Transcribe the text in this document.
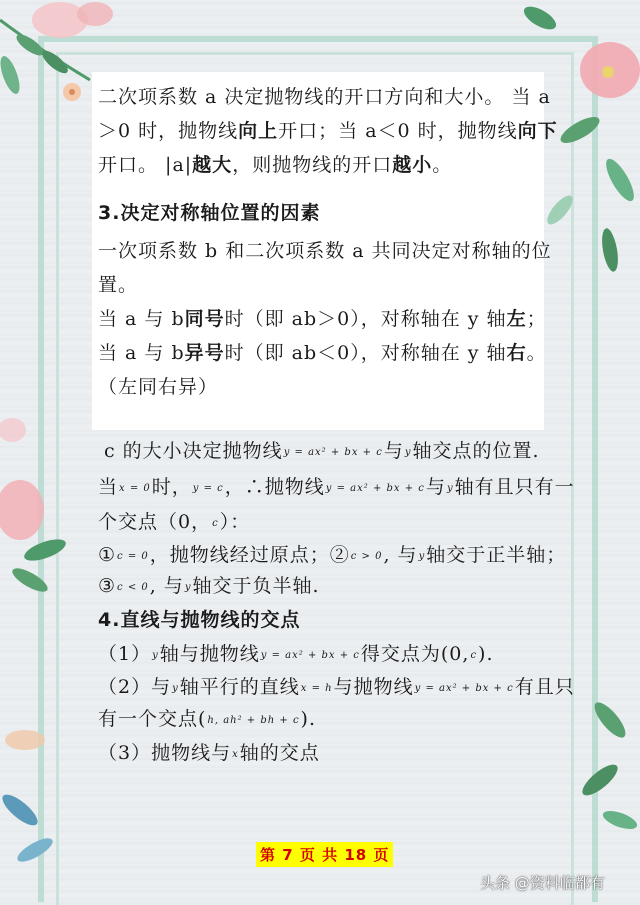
二次项系数 a 决定抛物线的开口方向和大小。 当 a
＞0 时，抛物线向上开口；当 a＜0 时，抛物线向下
开口。 |a|越大，则抛物线的开口越小。
3.决定对称轴位置的因素
一次项系数 b 和二次项系数 a 共同决定对称轴的位
置。
当 a 与 b同号时（即 ab＞0），对称轴在 y 轴左；
当 a 与 b异号时（即 ab＜0），对称轴在 y 轴右。
（左同右异）
c 的大小决定抛物线y = ax² + bx + c与y轴交点的位置.
当x = 0时，y = c，∴抛物线y = ax² + bx + c与y轴有且只有一
个交点（0，c）：
①c = 0，抛物线经过原点；②c > 0, 与y轴交于正半轴；
③c < 0, 与y轴交于负半轴.
4.直线与抛物线的交点
（1）y轴与抛物线y = ax² + bx + c得交点为(0,c).
（2）与y轴平行的直线x = h与抛物线y = ax² + bx + c有且只
有一个交点(h, ah² + bh + c).
（3）抛物线与x轴的交点
第 7 页 共 18 页
头条 @资料临都有
